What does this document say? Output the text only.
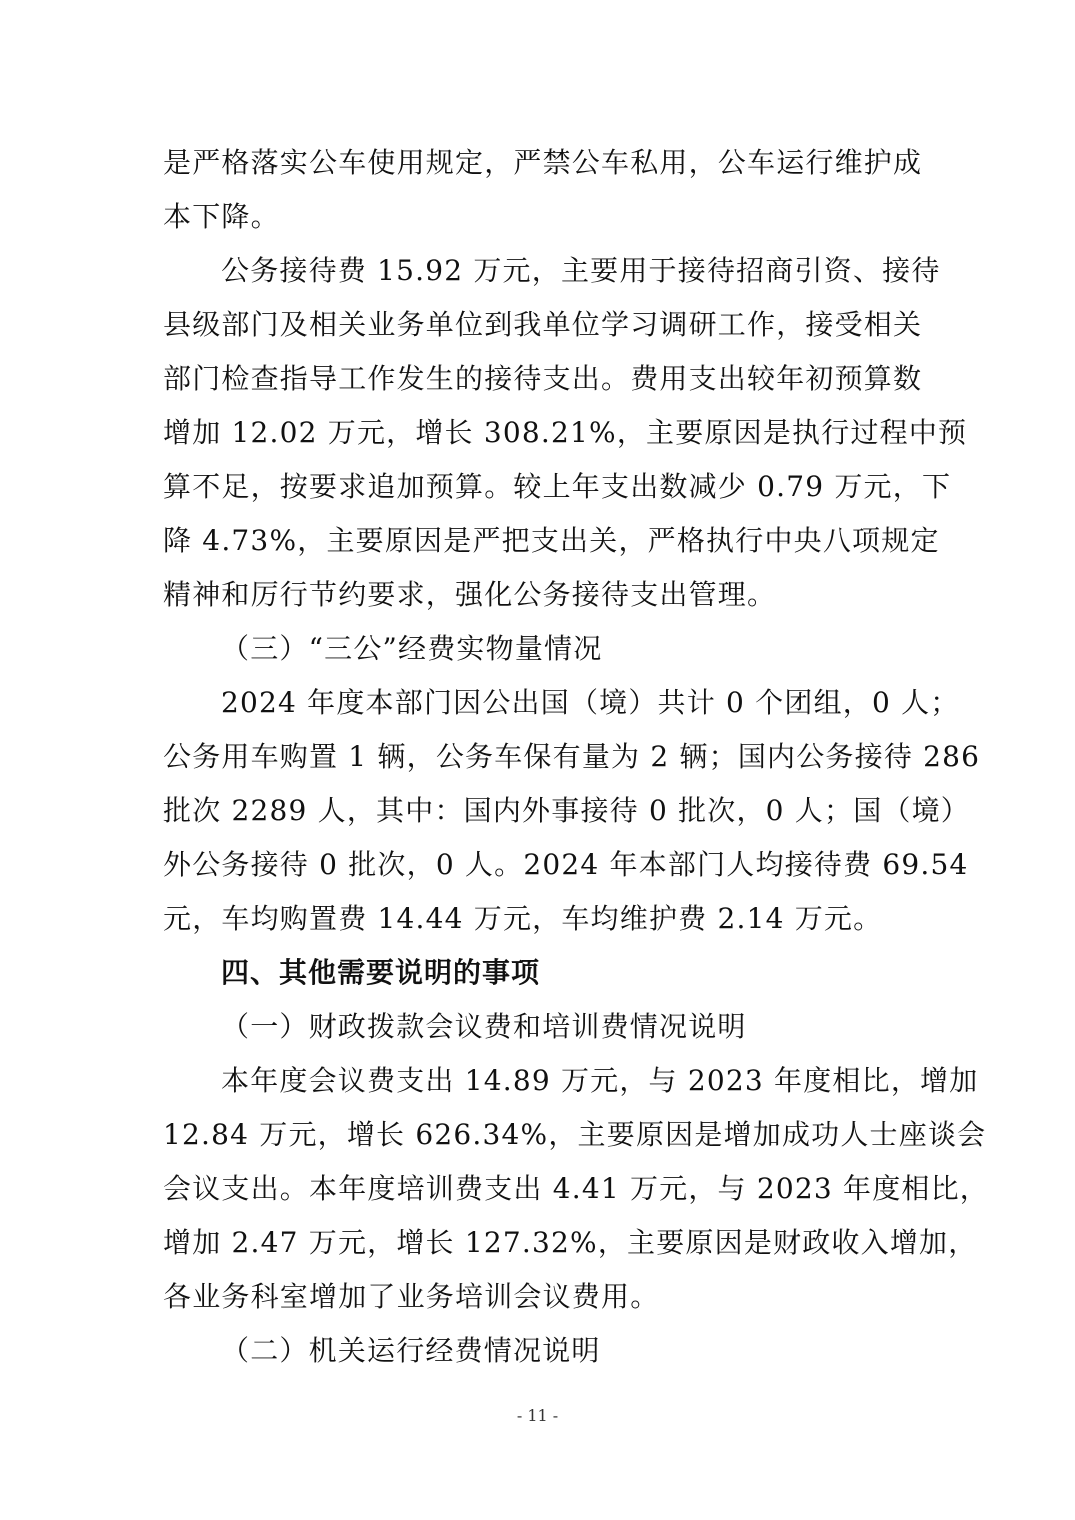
是严格落实公车使用规定，严禁公车私用，公车运行维护成
本下降。
公务接待费 15.92 万元，主要用于接待招商引资、接待
县级部门及相关业务单位到我单位学习调研工作，接受相关
部门检查指导工作发生的接待支出。费用支出较年初预算数
增加 12.02 万元，增长 308.21%，主要原因是执行过程中预
算不足，按要求追加预算。较上年支出数减少 0.79 万元，下
降 4.73%，主要原因是严把支出关，严格执行中央八项规定
精神和厉行节约要求，强化公务接待支出管理。
（三）“三公”经费实物量情况
2024 年度本部门因公出国（境）共计 0 个团组，0 人；
公务用车购置 1 辆，公务车保有量为 2 辆；国内公务接待 286
批次 2289 人，其中：国内外事接待 0 批次，0 人；国（境）
外公务接待 0 批次，0 人。2024 年本部门人均接待费 69.54
元，车均购置费 14.44 万元，车均维护费 2.14 万元。
四、其他需要说明的事项
（一）财政拨款会议费和培训费情况说明
本年度会议费支出 14.89 万元，与 2023 年度相比，增加
12.84 万元，增长 626.34%，主要原因是增加成功人士座谈会
会议支出。本年度培训费支出 4.41 万元，与 2023 年度相比，
增加 2.47 万元，增长 127.32%，主要原因是财政收入增加，
各业务科室增加了业务培训会议费用。
（二）机关运行经费情况说明
- 11 -
